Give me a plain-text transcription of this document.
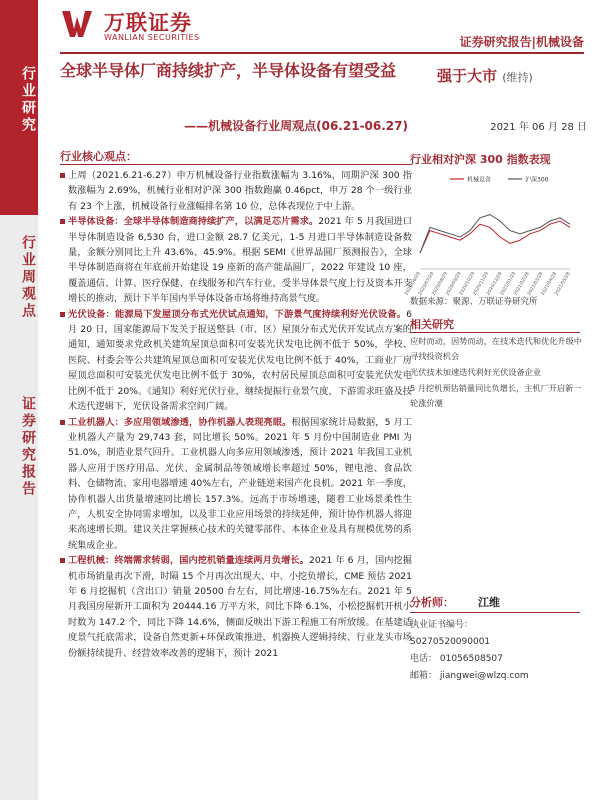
万联证券
WANLIAN SECURITIES	证券研究报告|机械设备
行业研究
行业周观点
证券研究报告
全球半导体厂商持续扩产，半导体设备有望受益
——机械设备行业周观点(06.21-06.27)
强于大市 (维持)
2021 年 06 月 28 日
行业核心观点：
上周（2021.6.21-6.27）申万机械设备行业指数涨幅为 3.16%，同期沪深 300 指数涨幅为 2.69%，机械行业相对沪深 300 指数跑赢 0.46pct，申万 28 个一级行业有 23 个上涨，机械设备行业涨幅排名第 10 位，总体表现位于中上游。
半导体设备：全球半导体制造商持续扩产，以满足芯片需求。2021 年 5 月我国进口半导体制造设备 6,530 台，进口金额 28.7 亿美元，1-5 月进口半导体制造设备数量，金额分别同比上升 43.6%、45.9%。根据 SEMI《世界晶圆厂预测报告》，全球半导体制造商将在年底前开始建设 19 座新的高产能晶圆厂，2022 年建设 10 座，覆盖通信、计算、医疗保健、在线服务和汽车行业，受半导体景气度上行及资本开支增长的推动，预计下半年国内半导体设备市场将维持高景气度。
光伏设备：能源局下发屋顶分布式光伏试点通知，下游景气度持续利好光伏设备。6 月 20 日，国家能源局下发关于报送整县（市、区）屋顶分布式光伏开发试点方案的通知，通知要求党政机关建筑屋顶总面积可安装光伏发电比例不低于 50%，学校、医院、村委会等公共建筑屋顶总面积可安装光伏发电比例不低于 40%，工商业厂房屋顶总面积可安装光伏发电比例不低于 30%，农村居民屋顶总面积可安装光伏发电比例不低于 20%。《通知》利好光伏行业，继续提振行业景气度，下游需求旺盛及技术迭代逻辑下，光伏设备需求空间广阔。
工业机器人：多应用领域渗透，协作机器人表现亮眼。根据国家统计局数据，5 月工业机器人产量为 29,743 套，同比增长 50%。2021 年 5 月份中国制造业 PMI 为 51.0%，制造业景气回升。工业机器人向多应用领域渗透，预计 2021 年我国工业机器人应用于医疗用品、光伏、金属制品等领域增长率超过 50%，锂电池、食品饮料、仓储物流、家用电器增速 40%左右，产业链逆来国产化良机。2021 年一季度，协作机器人出货量增速同比增长 157.3%。远高于市场增速，随着工业场景柔性生产，人机安全协同需求增加，以及非工业应用场景的持续延伸，预计协作机器人将迎来高速增长期。建议关注掌握核心技术的关键零部件、本体企业及具有规模优势的系统集成企业。
工程机械：终端需求转弱，国内挖机销量连续两月负增长。2021 年 6 月，国内挖掘机市场销量再次下滑，时隔 15 个月再次出现大、中、小挖负增长，CME 预估 2021 年 6 月挖掘机（含出口）销量 20500 台左右，同比增速-16.75%左右。2021 年 5 月我国房屋新开工面积为 20444.16 万平方米，同比下降 6.1%，小松挖掘机开机小时数为 147.2 个，同比下降 14.6%，侧面反映出下游工程施工有所放缓。在基建适度景气托底需求，设备自然更新+环保政策推进，机器换人逻辑持续、行业龙头市场份额持续提升、经营效率改善的逻辑下，预计 2021
行业相对沪深 300 指数表现
机械设备	沪深300
2020/06/29
2020/07/29
2020/08/29
2020/09/29
2020/10/29
2020/11/29
2020/12/29
2021/01/29
2021/02/28
2021/03/28
2021/04/28
2021/05/28
数据来源：聚源、万联证券研究所
相关研究
应时而动，因势而动，在技术迭代和优化升级中寻找投资机会
光伏技术加速迭代利好光伏设备企业
5 月挖机预估销量同比负增长，主机厂开启新一轮涨价潮
分析师：	江维
执业证书编号：
S0270520090001
电话： 01056508507
邮箱： jiangwei@wlzq.com
